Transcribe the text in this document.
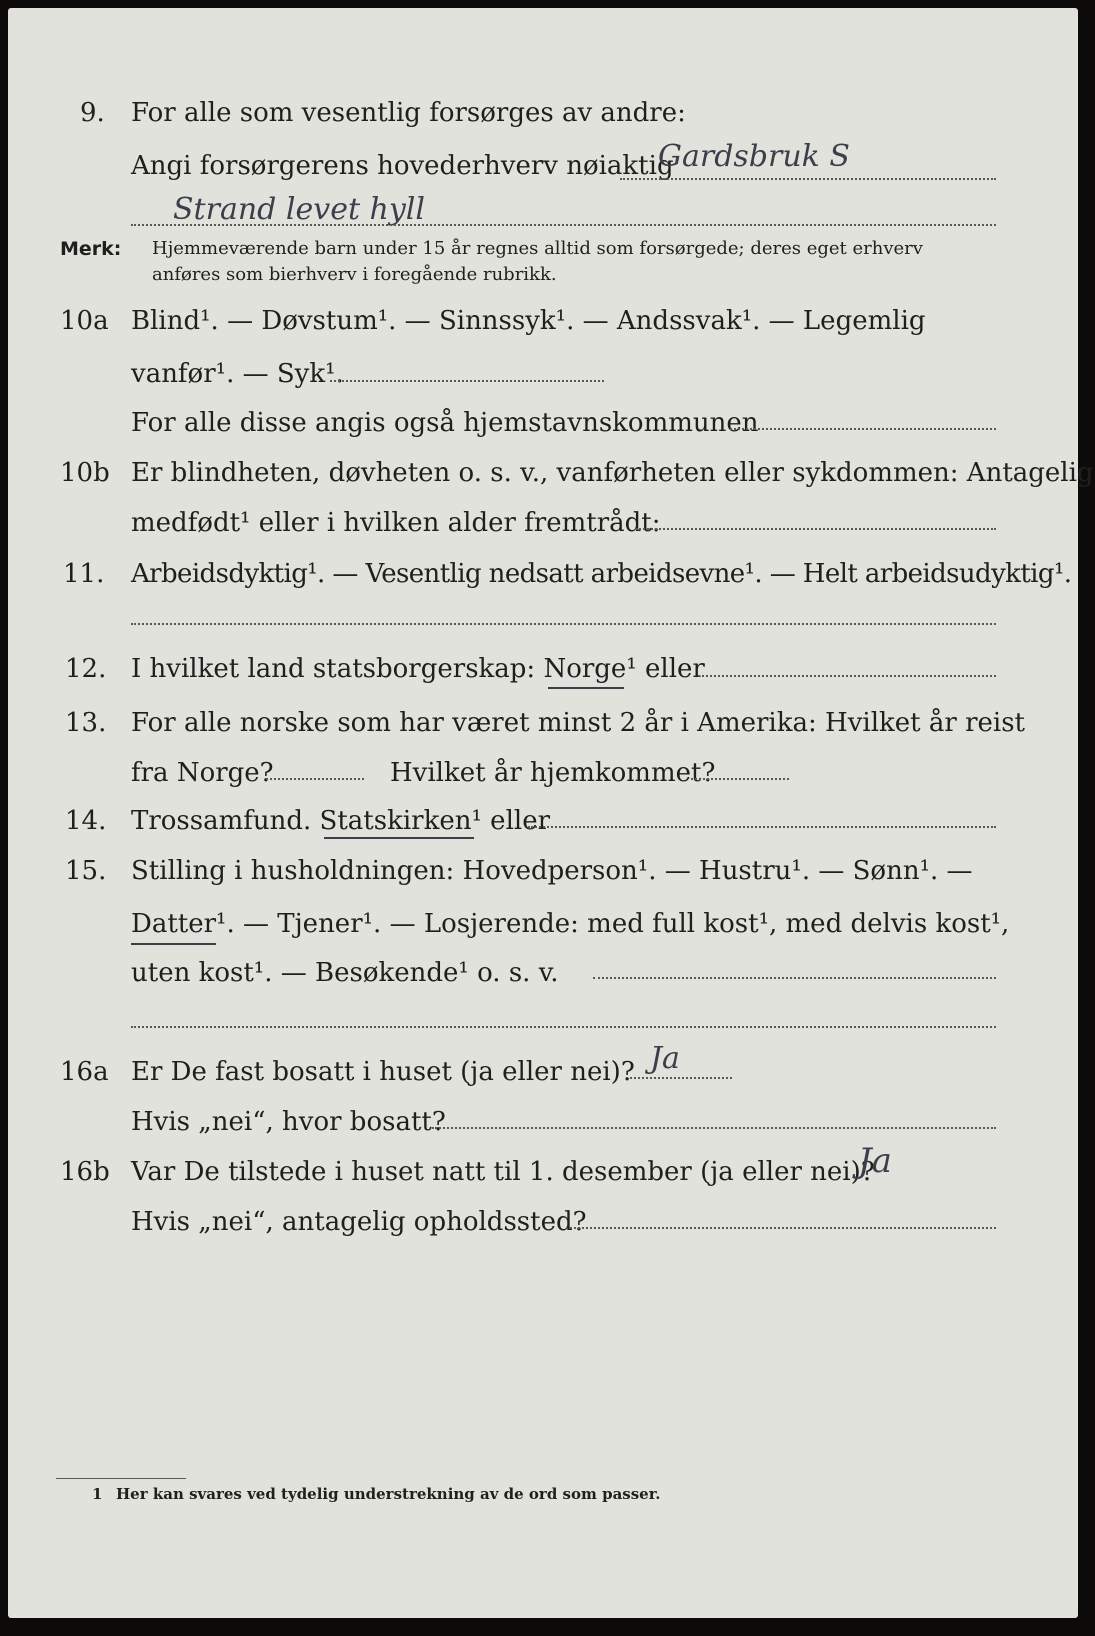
9. For alle som vesentlig forsørges av andre:
Angi forsørgerens hovederhverv nøiaktig
Gardsbruk S
Strand levet hyll
Merk: Hjemmeværende barn under 15 år regnes alltid som forsørgede; deres eget erhverv
anføres som bierhverv i foregående rubrikk.
10a Blind¹. — Døvstum¹. — Sinnssyk¹. — Andssvak¹. — Legemlig
vanfør¹. — Syk¹.
For alle disse angis også hjemstavnskommunen
10b Er blindheten, døvheten o. s. v., vanførheten eller sykdommen: Antagelig
medfødt¹ eller i hvilken alder fremtrådt:
11. Arbeidsdyktig¹. — Vesentlig nedsatt arbeidsevne¹. — Helt arbeidsudyktig¹.
12. I hvilket land statsborgerskap: Norge¹ eller
13. For alle norske som har været minst 2 år i Amerika: Hvilket år reist
fra Norge?	Hvilket år hjemkommet?
14. Trossamfund. Statskirken¹ eller
15. Stilling i husholdningen: Hovedperson¹. — Hustru¹. — Sønn¹. —
Datter¹. — Tjener¹. — Losjerende: med full kost¹, med delvis kost¹,
uten kost¹. — Besøkende¹ o. s. v.
16a Er De fast bosatt i huset (ja eller nei)? Ja
Hvis „nei“, hvor bosatt?
16b Var De tilstede i huset natt til 1. desember (ja eller nei)?
Ja
Hvis „nei“, antagelig opholdssted?
1 Her kan svares ved tydelig understrekning av de ord som passer.
